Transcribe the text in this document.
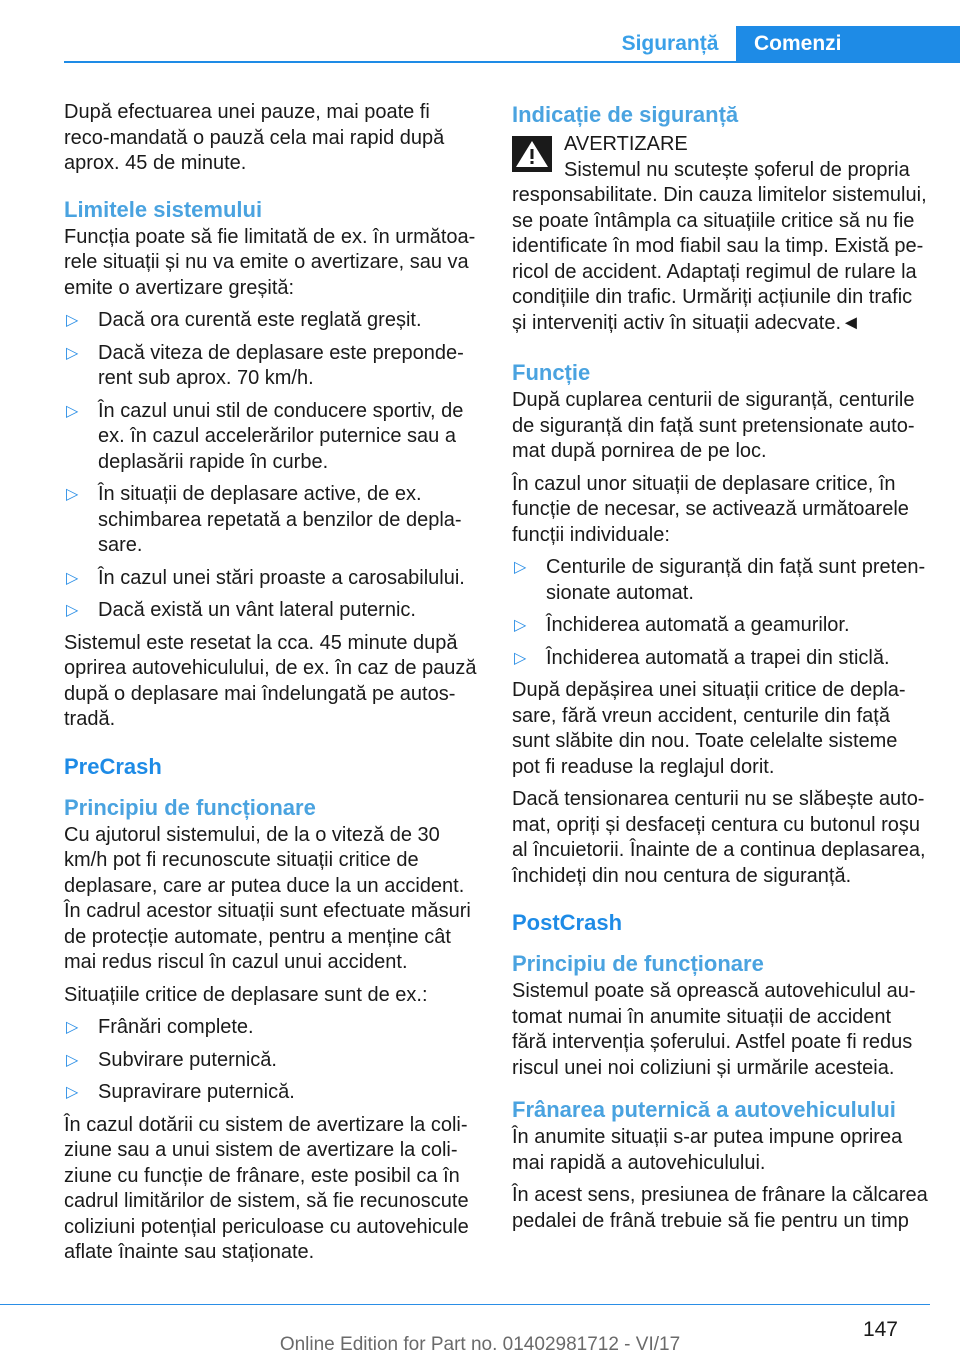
Siguranță	Comenzi

După efectuarea unei pauze, mai poate fi reco‐mandată o pauză cela mai rapid după aprox. 45 de minute.

Limitele sistemului

Funcția poate să fie limitată de ex. în următoa‐rele situații și nu va emite o avertizare, sau va emite o avertizare greșită:

▷ Dacă ora curentă este reglată greșit.
▷ Dacă viteza de deplasare este preponde‐rent sub aprox. 70 km/h.
▷ În cazul unui stil de conducere sportiv, de ex. în cazul accelerărilor puternice sau a deplasării rapide în curbe.
▷ În situații de deplasare active, de ex. schimbarea repetată a benzilor de depla‐sare.
▷ În cazul unei stări proaste a carosabilului.
▷ Dacă există un vânt lateral puternic.

Sistemul este resetat la cca. 45 minute după oprirea autovehiculului, de ex. în caz de pauză după o deplasare mai îndelungată pe autos‐tradă.

PreCrash
Principiu de funcționare

Cu ajutorul sistemului, de la o viteză de 30 km/h pot fi recunoscute situații critice de deplasare, care ar putea duce la un accident. În cadrul acestor situații sunt efectuate măsuri de protecție automate, pentru a menține cât mai redus riscul în cazul unui accident.

Situațiile critice de deplasare sunt de ex.:

▷ Frânări complete.
▷ Subvirare puternică.
▷ Supravirare puternică.

În cazul dotării cu sistem de avertizare la coli‐ziune sau a unui sistem de avertizare la coli‐ziune cu funcție de frânare, este posibil ca în cadrul limitărilor de sistem, să fie recunoscute coliziuni potențial periculoase cu autovehicule aflate înainte sau staționate.

Indicație de siguranță
AVERTIZARE

Sistemul nu scutește șoferul de propria responsabilitate. Din cauza limitelor sistemului, se poate întâmpla ca situațiile critice să nu fie identificate în mod fiabil sau la timp. Există pe‐ricol de accident. Adaptați regimul de rulare la condițiile din trafic. Urmăriți acțiunile din trafic și interveniți activ în situații adecvate.◄

Funcție

După cuplarea centurii de siguranță, centurile de siguranță din față sunt pretensionate auto‐mat după pornirea de pe loc.

În cazul unor situații de deplasare critice, în funcție de necesar, se activează următoarele funcții individuale:

▷ Centurile de siguranță din față sunt preten‐sionate automat.
▷ Închiderea automată a geamurilor.
▷ Închiderea automată a trapei din sticlă.

După depășirea unei situații critice de depla‐sare, fără vreun accident, centurile din față sunt slăbite din nou. Toate celelalte sisteme pot fi readuse la reglajul dorit.

Dacă tensionarea centurii nu se slăbește auto‐mat, opriți și desfaceți centura cu butonul roșu al încuietorii. Înainte de a continua deplasarea, închideți din nou centura de siguranță.

PostCrash
Principiu de funcționare

Sistemul poate să oprească autovehiculul au‐tomat numai în anumite situații de accident fără intervenția șoferului. Astfel poate fi redus riscul unei noi coliziuni și urmările acesteia.

Frânarea puternică a autovehiculului

În anumite situații s-ar putea impune oprirea mai rapidă a autovehiculului.

În acest sens, presiunea de frânare la călcarea pedalei de frână trebuie să fie pentru un timp

147
Online Edition for Part no. 01402981712 - VI/17
